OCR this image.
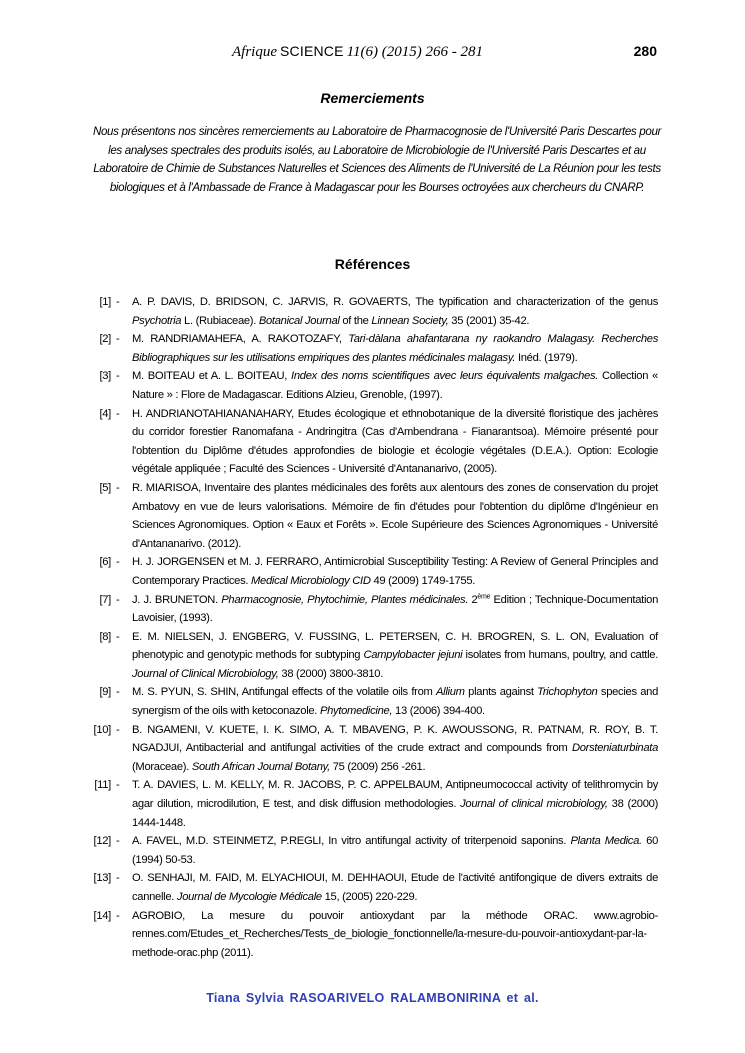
Afrique SCIENCE 11(6) (2015) 266 - 281	280
Remerciements
Nous présentons nos sincères remerciements au Laboratoire de Pharmacognosie de l'Université Paris Descartes pour les analyses spectrales des produits isolés, au Laboratoire de Microbiologie de l'Université Paris Descartes et au Laboratoire de Chimie de Substances Naturelles et Sciences des Aliments de l'Université de La Réunion pour les tests biologiques et à l'Ambassade de France à Madagascar pour les Bourses octroyées aux chercheurs du CNARP.
Références
[1] - A. P. DAVIS, D. BRIDSON, C. JARVIS, R. GOVAERTS, The typification and characterization of the genus Psychotria L. (Rubiaceae). Botanical Journal of the Linnean Society, 35 (2001) 35-42.
[2] - M. RANDRIAMAHEFA, A. RAKOTOZAFY, Tari-dàlana ahafantarana ny raokandro Malagasy. Recherches Bibliographiques sur les utilisations empiriques des plantes médicinales malagasy. Inéd. (1979).
[3] - M. BOITEAU et A. L. BOITEAU, Index des noms scientifiques avec leurs équivalents malgaches. Collection « Nature » : Flore de Madagascar. Editions Alzieu, Grenoble, (1997).
[4] - H. ANDRIANOTAHIANANAHARY, Etudes écologique et ethnobotanique de la diversité floristique des jachères du corridor forestier Ranomafana - Andringitra (Cas d'Ambendrana - Fianarantsoa). Mémoire présenté pour l'obtention du Diplôme d'études approfondies de biologie et écologie végétales (D.E.A.). Option: Ecologie végétale appliquée ; Faculté des Sciences - Université d'Antananarivo, (2005).
[5] - R. MIARISOA, Inventaire des plantes médicinales des forêts aux alentours des zones de conservation du projet Ambatovy en vue de leurs valorisations. Mémoire de fin d'études pour l'obtention du diplôme d'Ingénieur en Sciences Agronomiques. Option « Eaux et Forêts ». Ecole Supérieure des Sciences Agronomiques - Université d'Antananarivo. (2012).
[6] - H. J. JORGENSEN et M. J. FERRARO, Antimicrobial Susceptibility Testing: A Review of General Principles and Contemporary Practices. Medical Microbiology CID 49 (2009) 1749-1755.
[7] - J. J. BRUNETON. Pharmacognosie, Phytochimie, Plantes médicinales. 2ème Edition ; Technique-Documentation Lavoisier, (1993).
[8] - E. M. NIELSEN, J. ENGBERG, V. FUSSING, L. PETERSEN, C. H. BROGREN, S. L. ON, Evaluation of phenotypic and genotypic methods for subtyping Campylobacter jejuni isolates from humans, poultry, and cattle. Journal of Clinical Microbiology, 38 (2000) 3800-3810.
[9] - M. S. PYUN, S. SHIN, Antifungal effects of the volatile oils from Allium plants against Trichophyton species and synergism of the oils with ketoconazole. Phytomedicine, 13 (2006) 394-400.
[10] - B. NGAMENI, V. KUETE, I. K. SIMO, A. T. MBAVENG, P. K. AWOUSSONG, R. PATNAM, R. ROY, B. T. NGADJUI, Antibacterial and antifungal activities of the crude extract and compounds from Dorsteniaturbinata (Moraceae). South African Journal Botany, 75 (2009) 256 -261.
[11] - T. A. DAVIES, L. M. KELLY, M. R. JACOBS, P. C. APPELBAUM, Antipneumococcal activity of telithromycin by agar dilution, microdilution, E test, and disk diffusion methodologies. Journal of clinical microbiology, 38 (2000) 1444-1448.
[12] - A. FAVEL, M.D. STEINMETZ, P.REGLI, In vitro antifungal activity of triterpenoid saponins. Planta Medica. 60 (1994) 50-53.
[13] - O. SENHAJI, M. FAID, M. ELYACHIOUI, M. DEHHAOUI, Etude de l'activité antifongique de divers extraits de cannelle. Journal de Mycologie Médicale 15, (2005) 220-229.
[14] - AGROBIO, La mesure du pouvoir antioxydant par la méthode ORAC. www.agrobio-rennes.com/Etudes_et_Recherches/Tests_de_biologie_fonctionnelle/la-mesure-du-pouvoir-antioxydant-par-la-methode-orac.php (2011).
Tiana Sylvia RASOARIVELO RALAMBONIRINA et al.
